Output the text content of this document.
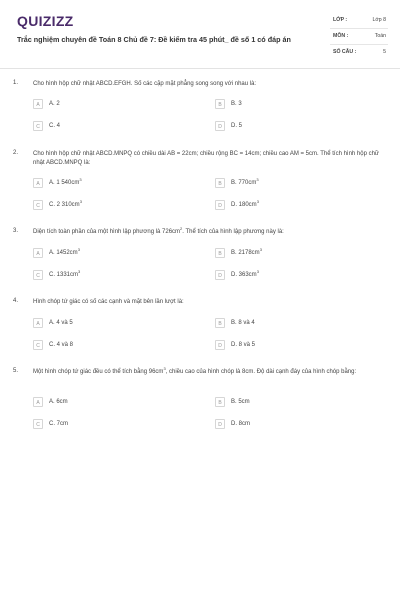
QUIZIZZ
Trắc nghiệm chuyên đề Toán 8 Chủ đề 7: Đề kiểm tra 45 phút_ đề số 1 có đáp án
LỚP :	Lớp 8
MÔN :	Toán
SỐ CÂU :	5
1. Cho hình hộp chữ nhật ABCD.EFGH. Số các cặp mặt phẳng song song với nhau là:
A	A. 2	B	B. 3
C	C. 4	D	D. 5
2. Cho hình hộp chữ nhật ABCD.MNPQ có chiều dài AB = 22cm; chiều rộng BC = 14cm; chiều cao AM = 5cm. Thể tích hình hộp chữ nhật ABCD.MNPQ là:
A	A. 1 $540cm^3$
B	B. $770cm^3$
C	C. 2 $310cm^3$
D	D. $180cm^3$
3. Diện tích toàn phần của một hình lập phương là $726cm^2$. Thể tích của hình lập phương này là:
A	A. $1452cm^3$
B	B. $2178cm^3$
C	C. $1331cm^3$
D	D. $363cm^3$
4. Hình chóp tứ giác có số các cạnh và mặt bên lần lượt là:
A	A. 4 và 5	B	B. 8 và 4
C	C. 4 và 8	D	D. 8 và 5
5. Một hình chóp tứ giác đều có thể tích bằng $96cm^3$, chiều cao của hình chóp là 8cm. Độ dài cạnh đáy của hình chóp bằng:
A	A. 6cm	B	B. 5cm
C	C. 7cm	D	D. 8cm
